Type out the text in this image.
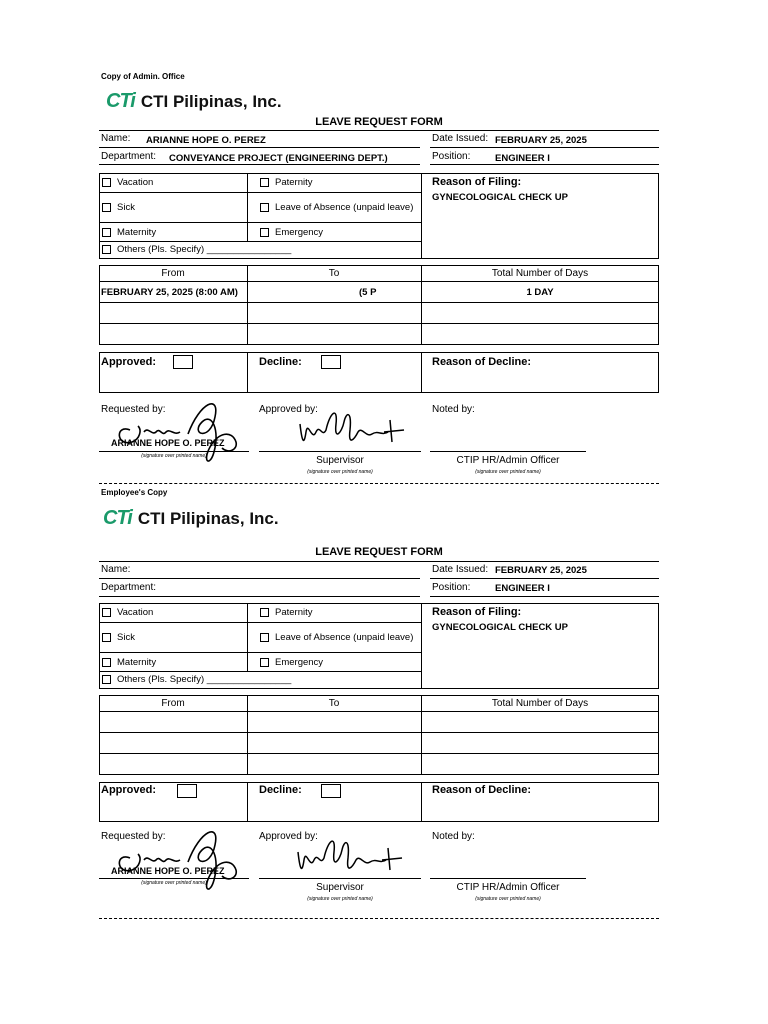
Copy of Admin. Office
CTi CTI Pilipinas, Inc.
LEAVE REQUEST FORM
Name: ARIANNE HOPE O. PEREZ	Date Issued: FEBRUARY 25, 2025
Department: CONVEYANCE PROJECT (ENGINEERING DEPT.)	Position:	ENGINEER I
Vacation	Paternity
Sick	Leave of Absence (unpaid leave)
Maternity	Emergency
Others (Pls. Specify) ________________
Reason of Filing:
GYNECOLOGICAL CHECK UP
From	To	Total Number of Days
FEBRUARY 25, 2025 (8:00 AM)	(5 P	1 DAY
Approved:	Decline:	Reason of Decline:
Requested by:	Approved by:	Noted by:
ARIANNE HOPE O. PEREZ
(signature over printed name)	Supervisor
(signature over printed name)
CTIP HR/Admin Officer
(signature over printed name)
Employee's Copy
CTi CTI Pilipinas, Inc.
LEAVE REQUEST FORM
Name:	Date Issued: FEBRUARY 25, 2025
Department:	Position:	ENGINEER I
Vacation	Paternity
Sick	Leave of Absence (unpaid leave)
Maternity	Emergency
Others (Pls. Specify) ________________
Reason of Filing:
GYNECOLOGICAL CHECK UP
From	To	Total Number of Days
Approved:	Decline:	Reason of Decline:
Requested by:	Approved by:	Noted by:
ARIANNE HOPE O. PEREZ
(signature over printed name)	Supervisor
(signature over printed name)
CTIP HR/Admin Officer
(signature over printed name)
